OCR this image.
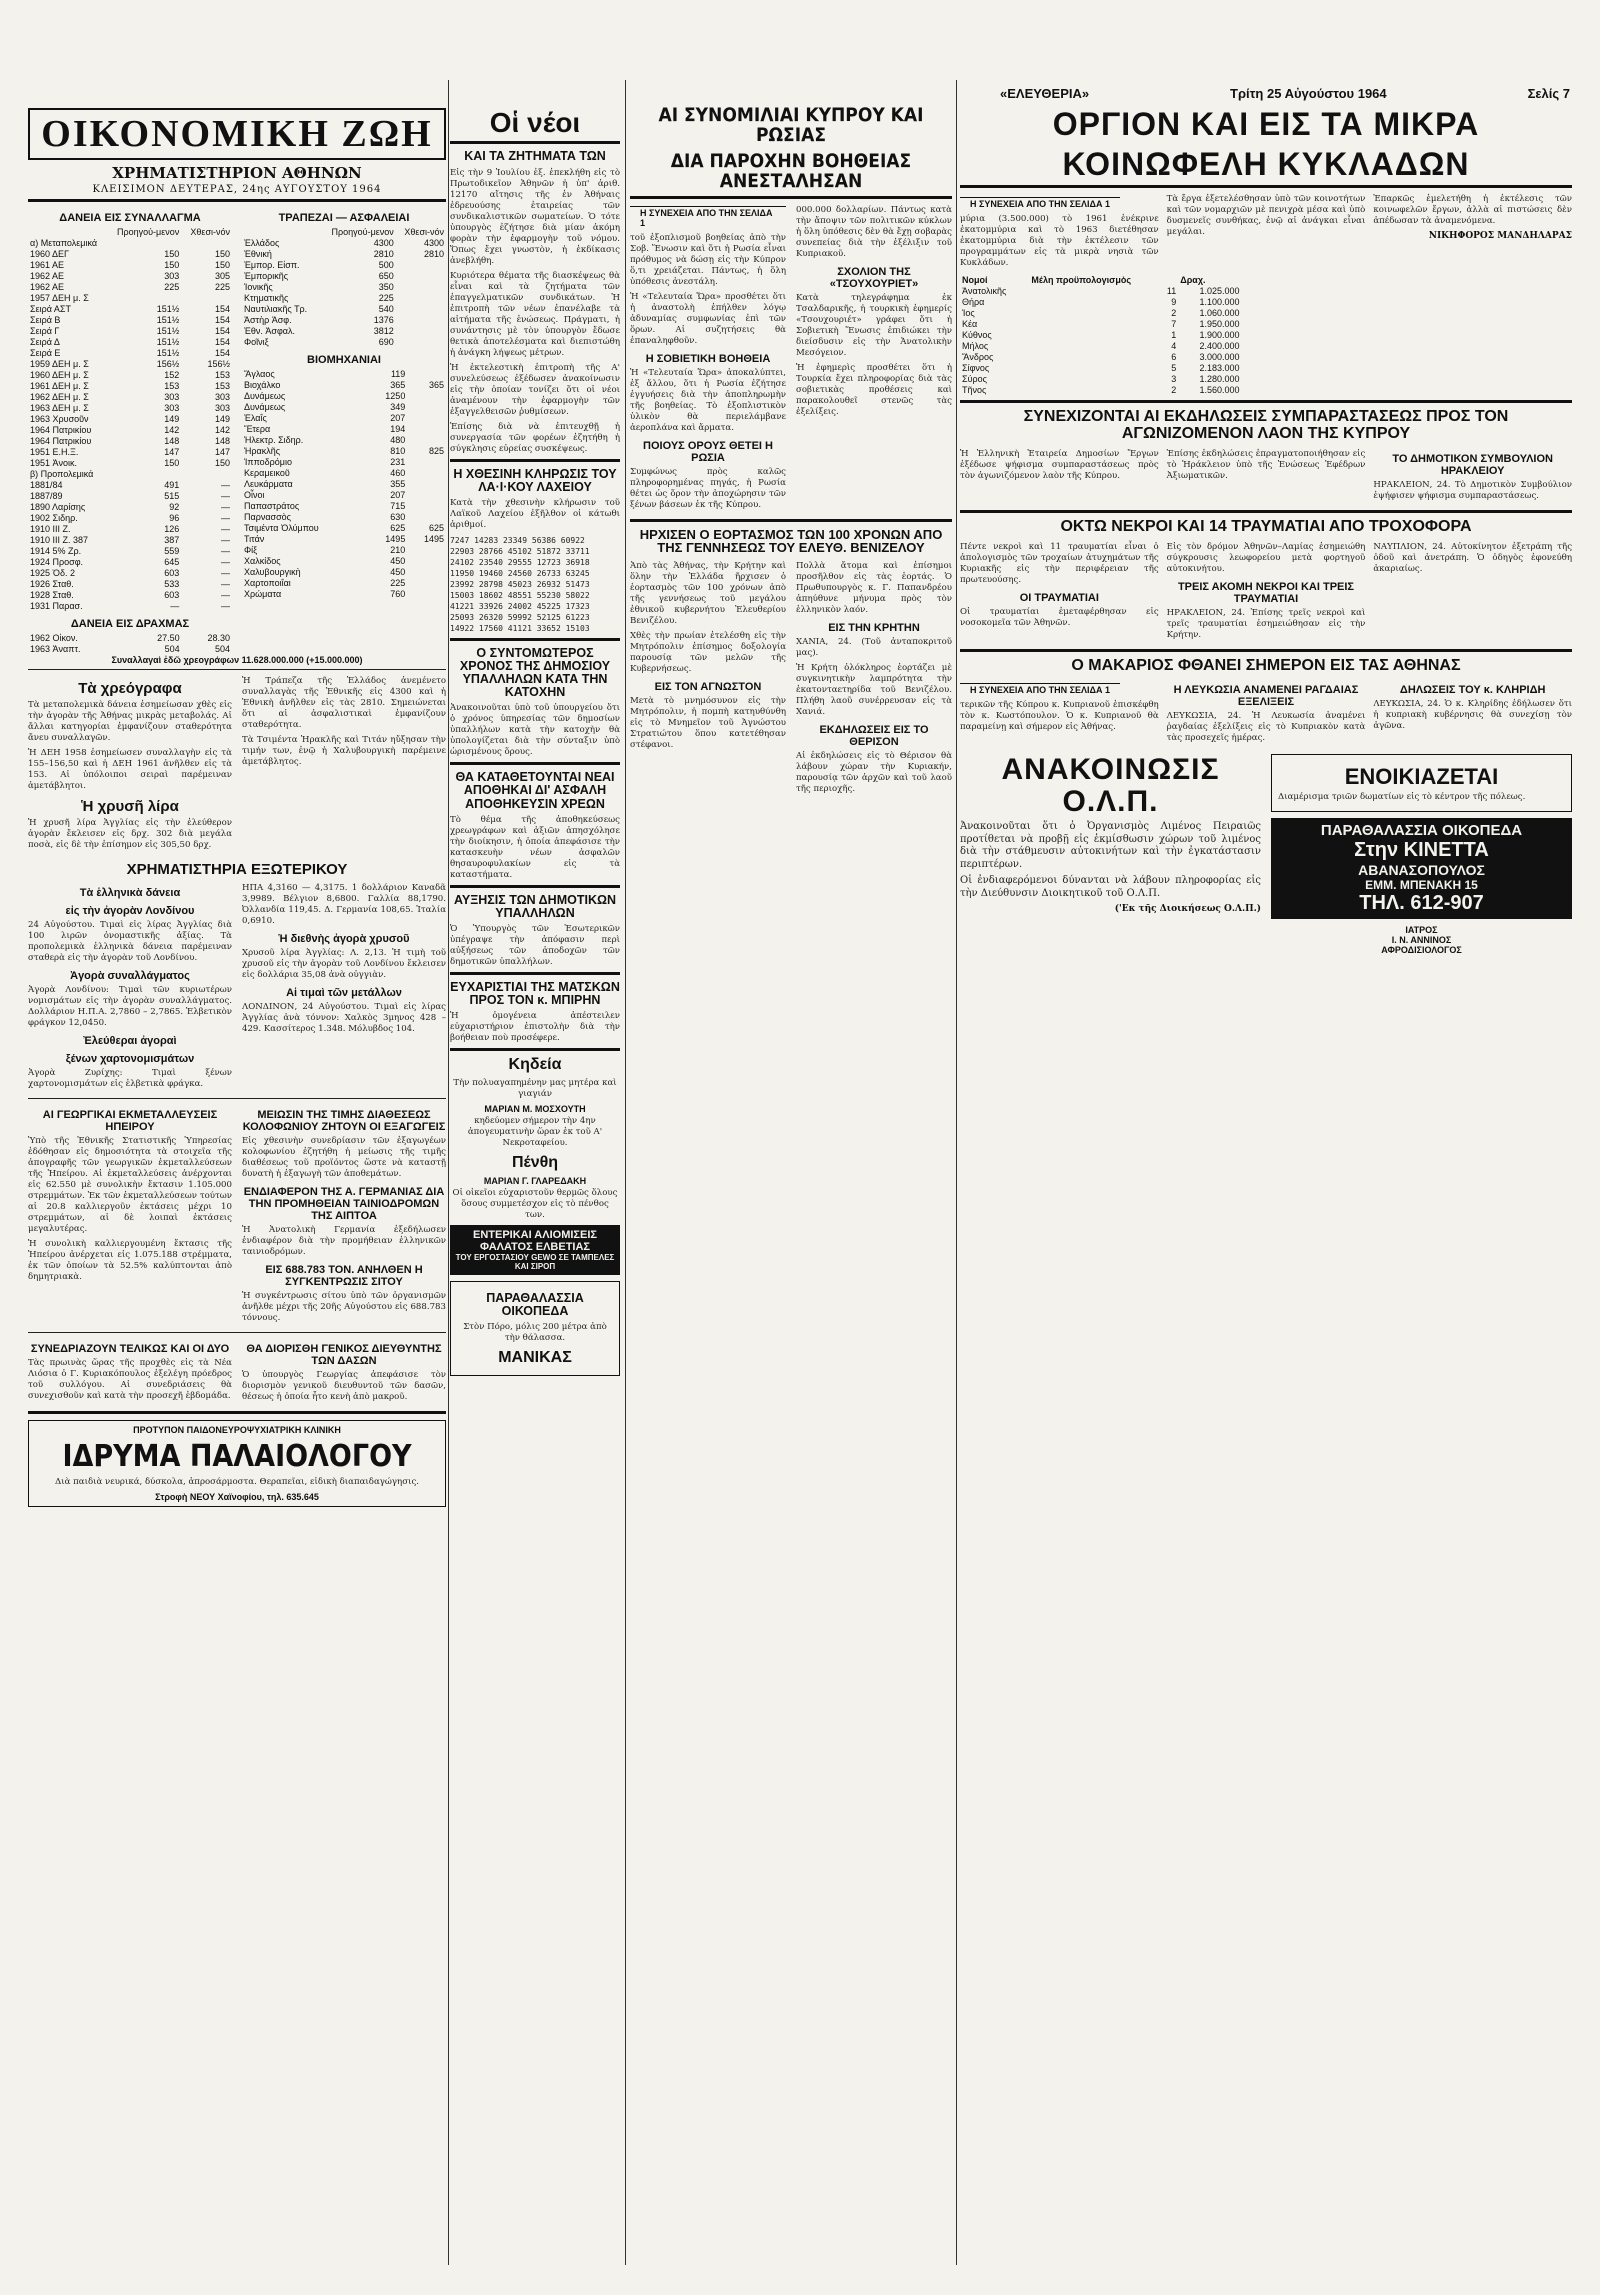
«ΕΛΕΥΘΕΡΙΑ»	Τρίτη 25 Αὐγούστου 1964	Σελίς 7
ΟΙΚΟΝΟΜΙΚΗ ΖΩΗ
ΧΡΗΜΑΤΙΣΤΗΡΙΟΝ ΑΘΗΝΩΝ
ΚΛΕΙΣΙΜΟΝ ΔΕΥΤΕΡΑΣ, 24ης ΑΥΓΟΥΣΤΟΥ 1964
ΔΑΝΕΙΑ ΕΙΣ ΣΥΝΑΛΛΑΓΜΑ
	Προηγού-μενον	Χθεσι-νόν
α) Μεταπολεμικά		
1960 ΔΕΓ	150	150
1961 ΑΕ	150	150
1962 ΑΕ	303	305
1962 ΑΕ	225	225
1957 ΔΕΗ μ. Σ		
Σειρά ΑΣΤ	151½	154
Σειρά Β	151½	154
Σειρά Γ	151½	154
Σειρά Δ	151½	154
Σειρά Ε	151½	154
1959 ΔΕΗ μ. Σ	156½	156½
1960 ΔΕΗ μ. Σ	152	153
1961 ΔΕΗ μ. Σ	153	153
1962 ΔΕΗ μ. Σ	303	303
1963 ΔΕΗ μ. Σ	303	303
1963 Χρυσοῦν	149	149
1964 Πατρικίου	142	142
1964 Πατρικίου	148	148
1951 Ε.Η.Ξ.	147	147
1951 Ἀνοικ.	150	150
β) Προπολεμικά		
1881/84	491	—
1887/89	515	—
1890 Λαρίσης	92	—
1902 Σιδηρ.	96	—
1910 ΙΙΙ Ζ.	126	—
1910 ΙΙΙ Ζ. 387	387	—
1914 5% Ζρ.	559	—
1924 Προσφ.	645	—
1925 Ὁδ. 2	603	—
1926 Σταθ.	533	—
1928 Σταθ.	603	—
1931 Παρασ.	—	—
ΔΑΝΕΙΑ ΕΙΣ ΔΡΑΧΜΑΣ
1962 Οἰκον.	27.50	28.30
1963 Ἀναπτ.	504	504
ΤΡΑΠΕΖΑΙ — ΑΣΦΑΛΕΙΑΙ
	Προηγού-μενον	Χθεσι-νόν
Ἑλλάδος	4300	4300
Ἐθνική	2810	2810
Ἐμπορ. Εἰσπ.	500	
Ἐμπορικῆς	650	
Ἰονικῆς	350	
Κτηματικῆς	225	
Ναυτιλιακῆς Τρ.	540	
Ἀστὴρ Ἀσφ.	1376	
Ἐθν. Ἀσφαλ.	3812	
Φοῖνιξ	690	
ΒΙΟΜΗΧΑΝΙΑΙ
Ἄγλαος	119	
Βιοχάλκο	365	365
Δυνάμεως	1250	
Δυνάμεως	349	
Ἐλαΐς	207	
Ἔτερα	194	
Ἠλεκτρ. Σιδηρ.	480	
Ἠρακλῆς	810	825
Ἰπποδρόμιο	231	
Κεραμεικοῦ	460	
Λευκάρματα	355	
Οἶνοι	207	
Παπαστράτος	715	
Παρνασσὸς	630	
Τσιμέντα Ὀλύμπου	625	625
Τιτάν	1495	1495
Φίξ	210	
Χαλκίδος	450	
Χαλυβουργικὴ	450	
Χαρτοποιΐαι	225	
Χρώματα	760	
Συναλλαγαὶ ἐδῶ χρεογράφων 11.628.000.000 (+15.000.000)
Τὰ χρεόγραφα

Τὰ μεταπολεμικὰ δάνεια ἐσημείωσαν χθὲς εἰς τὴν ἀγορὰν τῆς Ἀθήνας μικρὰς μεταβολάς. Αἱ ἄλλαι κατηγορίαι ἐμφανίζουν σταθερότητα ἄνευ συναλλαγῶν.

Ἡ ΔΕΗ 1958 ἐσημείωσεν συναλλαγὴν εἰς τὰ 155–156,50 καὶ ἡ ΔΕΗ 1961 ἀνῆλθεν εἰς τὰ 153. Αἱ ὑπόλοιποι σειραὶ παρέμειναν ἀμετάβλητοι.

Ἡ χρυσῆ λίρα

Ἡ χρυσῆ λίρα Ἀγγλίας εἰς τὴν ἐλεύθερον ἀγορὰν ἔκλεισεν εἰς δρχ. 302 διὰ μεγάλα ποσὰ, εἰς δὲ τὴν ἐπίσημον εἰς 305,50 δρχ.

Ἡ Τράπεζα τῆς Ἑλλάδος ἀνεμένετο συναλλαγὰς τῆς Ἐθνικῆς εἰς 4300 καὶ ἡ Ἐθνικὴ ἀνῆλθεν εἰς τὰς 2810. Σημειώνεται ὅτι αἱ ἀσφαλιστικαὶ ἐμφανίζουν σταθερότητα.

Τὰ Τσιμέντα Ἠρακλῆς καὶ Τιτάν ηὔξησαν τὴν τιμήν των, ἐνῷ ἡ Χαλυβουργικὴ παρέμεινε ἀμετάβλητος.

ΧΡΗΜΑΤΙΣΤΗΡΙΑ ΕΞΩΤΕΡΙΚΟΥ
Τὰ ἑλληνικὰ δάνεια
εἰς τὴν ἀγορὰν Λονδίνου

24 Αὐγούστου. Τιμαὶ εἰς λίρας Ἀγγλίας διὰ 100 λιρῶν ὀνομαστικῆς ἀξίας. Τὰ προπολεμικὰ ἑλληνικὰ δάνεια παρέμειναν σταθερὰ εἰς τὴν ἀγορὰν τοῦ Λονδίνου.

Ἀγορὰ συναλλάγματος

Ἀγορὰ Λονδίνου: Τιμαὶ τῶν κυριωτέρων νομισμάτων εἰς τὴν ἀγορὰν συναλλάγματος. Δολλάριον Η.Π.Α. 2,7860 – 2,7865. Ἑλβετικὸν φράγκον 12,0450.

Ἐλεύθεραι ἀγοραὶ
ξένων χαρτονομισμάτων

Ἀγορὰ Ζυρίχης: Τιμαὶ ξένων χαρτονομισμάτων εἰς ἑλβετικὰ φράγκα.

ΗΠΑ 4,3160 — 4,3175. 1 δολλάριον Καναδᾶ 3,9989. Βέλγιον 8,6800. Γαλλία 88,1790. Ὀλλανδία 119,45. Δ. Γερμανία 108,65. Ἰταλία 0,6910.

Ἡ διεθνὴς ἀγορὰ χρυσοῦ

Χρυσοῦ λίρα Ἀγγλίας: Λ. 2,13. Ἡ τιμὴ τοῦ χρυσοῦ εἰς τὴν ἀγορὰν τοῦ Λονδίνου ἔκλεισεν εἰς δολλάρια 35,08 ἀνὰ οὐγγιὰν.

Αἱ τιμαὶ τῶν μετάλλων

ΛΟΝΔΙΝΟΝ, 24 Αὐγούστου. Τιμαὶ εἰς λίρας Ἀγγλίας ἀνὰ τόννον: Χαλκὸς 3μηνος 428 – 429. Κασσίτερος 1.348. Μόλυβδος 104.

ΑΙ ΓΕΩΡΓΙΚΑΙ ΕΚΜΕΤΑΛΛΕΥΣΕΙΣ ΗΠΕΙΡΟΥ

Ὑπὸ τῆς Ἐθνικῆς Στατιστικῆς Ὑπηρεσίας ἐδόθησαν εἰς δημοσιότητα τὰ στοιχεῖα τῆς ἀπογραφῆς τῶν γεωργικῶν ἐκμεταλλεύσεων τῆς Ἠπείρου. Αἱ ἐκμεταλλεύσεις ἀνέρχονται εἰς 62.550 μὲ συνολικὴν ἔκτασιν 1.105.000 στρεμμάτων. Ἐκ τῶν ἐκμεταλλεύσεων τούτων αἱ 20.8 καλλιεργοῦν ἐκτάσεις μέχρι 10 στρεμμάτων, αἱ δὲ λοιπαὶ ἐκτάσεις μεγαλυτέρας.

Ἡ συνολικὴ καλλιεργουμένη ἔκτασις τῆς Ἠπείρου ἀνέρχεται εἰς 1.075.188 στρέμματα, ἐκ τῶν ὁποίων τὰ 52.5% καλύπτονται ἀπὸ δημητριακὰ.

ΜΕΙΩΣΙΝ ΤΗΣ ΤΙΜΗΣ ΔΙΑΘΕΣΕΩΣ ΚΟΛΟΦΩΝΙΟΥ ΖΗΤΟΥΝ ΟΙ ΕΞΑΓΩΓΕΙΣ

Εἰς χθεσινὴν συνεδρίασιν τῶν ἐξαγωγέων κολοφωνίου ἐζητήθη ἡ μείωσις τῆς τιμῆς διαθέσεως τοῦ προϊόντος ὥστε νὰ καταστῇ δυνατὴ ἡ ἐξαγωγὴ τῶν ἀποθεμάτων.

ΕΝΔΙΑΦΕΡΟΝ ΤΗΣ Α. ΓΕΡΜΑΝΙΑΣ ΔΙΑ ΤΗΝ ΠΡΟΜΗΘΕΙΑΝ ΤΑΙΝΙΟΔΡΟΜΩΝ ΤΗΣ ΑΙΠΤΟΑ

Ἡ Ἀνατολικὴ Γερμανία ἐξεδήλωσεν ἐνδιαφέρον διὰ τὴν προμήθειαν ἑλληνικῶν ταινιοδρόμων.

ΕΙΣ 688.783 ΤΟΝ. ΑΝΗΛΘΕΝ Η ΣΥΓΚΕΝΤΡΩΣΙΣ ΣΙΤΟΥ

Ἡ συγκέντρωσις σίτου ὑπὸ τῶν ὀργανισμῶν ἀνῆλθε μέχρι τῆς 20ῆς Αὐγούστου εἰς 688.783 τόννους.

ΣΥΝΕΔΡΙΑΖΟΥΝ ΤΕΛΙΚΩΣ ΚΑΙ ΟΙ ΔΥΟ

Τὰς πρωινὰς ὥρας τῆς προχθὲς εἰς τὰ Νέα Λιόσια ὁ Γ. Κυριακόπουλος ἐξελέγη πρόεδρος τοῦ συλλόγου. Αἱ συνεδριάσεις θὰ συνεχισθοῦν καὶ κατὰ τὴν προσεχῆ ἑβδομάδα.

ΘΑ ΔΙΟΡΙΣΘΗ ΓΕΝΙΚΟΣ ΔΙΕΥΘΥΝΤΗΣ ΤΩΝ ΔΑΣΩΝ

Ὁ ὑπουργὸς Γεωργίας ἀπεφάσισε τὸν διορισμὸν γενικοῦ διευθυντοῦ τῶν δασῶν, θέσεως ἡ ὁποία ἦτο κενὴ ἀπὸ μακροῦ.

ΠΡΟΤΥΠΟΝ ΠΑΙΔΟΝΕΥΡΟΨΥΧΙΑΤΡΙΚΗ ΚΛΙΝΙΚΗ
ΙΔΡΥΜΑ ΠΑΛΑΙΟΛΟΓΟΥ

Διὰ παιδιὰ νευρικά, δύσκολα, ἀπροσάρμοστα. Θεραπεῖαι, εἰδικὴ διαπαιδαγώγησις.

Στροφὴ ΝΕΟΥ Χαϊνοφίου, τηλ. 635.645
Οἱ νέοι
ΚΑΙ ΤΑ ΖΗΤΗΜΑΤΑ ΤΩΝ

Εἰς τὴν 9 Ἰουλίου ἐξ. ἐπεκλήθη εἰς τὸ Πρωτοδικεῖον Ἀθηνῶν ἡ ὑπ' ἀριθ. 12170 αἴτησις τῆς ἐν Ἀθήναις ἑδρευούσης ἑταιρείας τῶν συνδικαλιστικῶν σωματείων. Ὁ τότε ὑπουργὸς ἐζήτησε διὰ μίαν ἀκόμη φορὰν τὴν ἐφαρμογὴν τοῦ νόμου. Ὅπως ἔχει γνωστὸν, ἡ ἐκδίκασις ἀνεβλήθη.

Κυριότερα θέματα τῆς διασκέψεως θὰ εἶναι καὶ τὰ ζητήματα τῶν ἐπαγγελματικῶν συνδικάτων. Ἡ ἐπιτροπὴ τῶν νέων ἐπανέλαβε τὰ αἰτήματα τῆς ἑνώσεως. Πράγματι, ἡ συνάντησις μὲ τὸν ὑπουργὸν ἔδωσε θετικὰ ἀποτελέσματα καὶ διεπιστώθη ἡ ἀνάγκη λήψεως μέτρων.

Ἡ ἐκτελεστικὴ ἐπιτροπὴ τῆς Α' συνελεύσεως ἐξέδωσεν ἀνακοίνωσιν εἰς τὴν ὁποίαν τονίζει ὅτι οἱ νέοι ἀναμένουν τὴν ἐφαρμογὴν τῶν ἐξαγγελθεισῶν ῥυθμίσεων.

Ἐπίσης διὰ νὰ ἐπιτευχθῇ ἡ συνεργασία τῶν φορέων ἐζητήθη ἡ σύγκλησις εὐρείας συσκέψεως.

Η ΧΘΕΣΙΝΗ ΚΛΗΡΩΣΙΣ ΤΟΥ ΛΑ·Ι·ΚΟΥ ΛΑΧΕΙΟΥ

Κατὰ τὴν χθεσινὴν κλήρωσιν τοῦ Λαϊκοῦ Λαχείου ἐξῆλθον οἱ κάτωθι ἀριθμοί.

7247 14283 23349 56386 60922
22903 28766 45102 51872 33711
24102 23540 29555 12723 36918
11950 19460 24560 26733 63245
23992 28798 45023 26932 51473
15003 18602 48551 55230 58022
41221 33926 24002 45225 17323
25093 26320 59992 52125 61223
14922 17560 41121 33652 15103

Ο ΣΥΝΤΟΜΩΤΕΡΟΣ ΧΡΟΝΟΣ ΤΗΣ ΔΗΜΟΣΙΟΥ ΥΠΑΛΛΗΛΩΝ ΚΑΤΑ ΤΗΝ ΚΑΤΟΧΗΝ

Ἀνακοινοῦται ὑπὸ τοῦ ὑπουργείου ὅτι ὁ χρόνος ὑπηρεσίας τῶν δημοσίων ὑπαλλήλων κατὰ τὴν κατοχὴν θὰ ὑπολογίζεται διὰ τὴν σύνταξιν ὑπὸ ὡρισμένους ὅρους.

ΘΑ ΚΑΤΑΘΕΤΟΥΝΤΑΙ ΝΕΑΙ ΑΠΟΘΗΚΑΙ ΔΙ' ΑΣΦΑΛΗ ΑΠΟΘΗΚΕΥΣΙΝ ΧΡΕΩΝ

Τὸ θέμα τῆς ἀποθηκεύσεως χρεωγράφων καὶ ἀξιῶν ἀπησχόλησε τὴν διοίκησιν, ἡ ὁποία ἀπεφάσισε τὴν κατασκευὴν νέων ἀσφαλῶν θησαυροφυλακίων εἰς τὰ καταστήματα.

ΑΥΞΗΣΙΣ ΤΩΝ ΔΗΜΟΤΙΚΩΝ ΥΠΑΛΛΗΛΩΝ

Ὁ Ὑπουργὸς τῶν Ἐσωτερικῶν ὑπέγραψε τὴν ἀπόφασιν περὶ αὐξήσεως τῶν ἀποδοχῶν τῶν δημοτικῶν ὑπαλλήλων.

ΕΥΧΑΡΙΣΤΙΑΙ ΤΗΣ ΜΑΤΣΚΩΝ ΠΡΟΣ ΤΟΝ κ. ΜΠΙΡΗΝ

Ἡ ὁμογένεια ἀπέστειλεν εὐχαριστήριον ἐπιστολὴν διὰ τὴν βοήθειαν ποὺ προσέφερε.

Κηδεία

Τὴν πολυαγαπημένην μας μητέρα καὶ γιαγιάν

ΜΑΡΙΑΝ Μ. ΜΟΣΧΟΥΤΗ

κηδεύομεν σήμερον τὴν 4ην ἀπογευματινὴν ὥραν ἐκ τοῦ Α' Νεκροταφείου.

Πένθη
ΜΑΡΙΑΝ Γ. ΓΛΑΡΕΔΑΚΗ

Οἱ οἰκεῖοι εὐχαριστοῦν θερμῶς ὅλους ὅσους συμμετέσχον εἰς τὸ πένθος των.

ΕΝΤΕΡΙΚΑΙ ΑΛΙΟΜΙΣΕΙΣ ΦΑΛΑΤΟΣ ΕΛΒΕΤΙΑΣ
ΤΟΥ ΕΡΓΟΣΤΑΣΙΟΥ GEWO ΣΕ ΤΑΜΠΕΛΕΣ ΚΑΙ ΣΙΡΟΠ
ΠΑΡΑΘΑΛΑΣΣΙΑ ΟΙΚΟΠΕΔΑ

Στὸν Πόρο, μόλις 200 μέτρα ἀπὸ τὴν θάλασσα.

ΜΑΝΙΚΑΣ
ΑΙ ΣΥΝΟΜΙΛΙΑΙ ΚΥΠΡΟΥ ΚΑΙ ΡΩΣΙΑΣ
ΔΙΑ ΠΑΡΟΧΗΝ ΒΟΗΘΕΙΑΣ ΑΝΕΣΤΑΛΗΣΑΝ
Η ΣΥΝΕΧΕΙΑ ΑΠΟ ΤΗΝ ΣΕΛΙΔΑ 1

τοῦ ἐξοπλισμοῦ βοηθείας ἀπὸ τὴν Σοβ. Ἕνωσιν καὶ ὅτι ἡ Ρωσία εἶναι πρόθυμος νὰ δώσῃ εἰς τὴν Κύπρον ὅ,τι χρειάζεται. Πάντως, ἡ ὅλη ὑπόθεσις ἀνεστάλη.

Ἡ «Τελευταία Ὥρα» προσθέτει ὅτι ἡ ἀναστολὴ ἐπήλθεν λόγῳ ἀδυναμίας συμφωνίας ἐπὶ τῶν ὅρων. Αἱ συζητήσεις θὰ ἐπαναληφθοῦν.

Η ΣΟΒΙΕΤΙΚΗ ΒΟΗΘΕΙΑ

Ἡ «Τελευταία Ὥρα» ἀποκαλύπτει, ἐξ ἄλλου, ὅτι ἡ Ρωσία ἐζήτησε ἐγγυήσεις διὰ τὴν ἀποπληρωμὴν τῆς βοηθείας. Τὸ ἐξοπλιστικὸν ὑλικὸν θὰ περιελάμβανε ἀεροπλάνα καὶ ἄρματα.

ΠΟΙΟΥΣ ΟΡΟΥΣ ΘΕΤΕΙ Η ΡΩΣΙΑ

Συμφώνως πρὸς καλῶς πληροφορημένας πηγάς, ἡ Ρωσία θέτει ὡς ὅρον τὴν ἀποχώρησιν τῶν ξένων βάσεων ἐκ τῆς Κύπρου.

000.000 δολλαρίων. Πάντως κατὰ τὴν ἄποψιν τῶν πολιτικῶν κύκλων ἡ ὅλη ὑπόθεσις δὲν θὰ ἔχῃ σοβαρὰς συνεπείας διὰ τὴν ἐξέλιξιν τοῦ Κυπριακοῦ.

ΣΧΟΛΙΟΝ ΤΗΣ «ΤΣΟΥΧΟΥΡΙΕΤ»

Κατὰ τηλεγράφημα ἐκ Τσαλδαρικῆς, ἡ τουρκικὴ ἐφημερίς «Τσουχουριέτ» γράφει ὅτι ἡ Σοβιετικὴ Ἕνωσις ἐπιδιώκει τὴν διείσδυσιν εἰς τὴν Ἀνατολικὴν Μεσόγειον.

Ἡ ἐφημερὶς προσθέτει ὅτι ἡ Τουρκία ἔχει πληροφορίας διὰ τὰς σοβιετικὰς προθέσεις καὶ παρακολουθεῖ στενῶς τὰς ἐξελίξεις.

ΗΡΧΙΣΕΝ Ο ΕΟΡΤΑΣΜΟΣ ΤΩΝ 100 ΧΡΟΝΩΝ ΑΠΟ ΤΗΣ ΓΕΝΝΗΣΕΩΣ ΤΟΥ ΕΛΕΥΘ. ΒΕΝΙΖΕΛΟΥ

Ἀπὸ τὰς Ἀθήνας, τὴν Κρήτην καὶ ὅλην τὴν Ἑλλάδα ἤρχισεν ὁ ἑορτασμὸς τῶν 100 χρόνων ἀπὸ τῆς γεννήσεως τοῦ μεγάλου ἐθνικοῦ κυβερνήτου Ἐλευθερίου Βενιζέλου.

Χθὲς τὴν πρωίαν ἐτελέσθη εἰς τὴν Μητρόπολιν ἐπίσημος δοξολογία παρουσίᾳ τῶν μελῶν τῆς Κυβερνήσεως.

ΕΙΣ ΤΟΝ ΑΓΝΩΣΤΟΝ

Μετὰ τὸ μνημόσυνον εἰς τὴν Μητρόπολιν, ἡ πομπὴ κατηυθύνθη εἰς τὸ Μνημεῖον τοῦ Ἀγνώστου Στρατιώτου ὅπου κατετέθησαν στέφανοι.

Πολλὰ ἄτομα καὶ ἐπίσημοι προσῆλθον εἰς τὰς ἑορτάς. Ὁ Πρωθυπουργὸς κ. Γ. Παπανδρέου ἀπηύθυνε μήνυμα πρὸς τὸν ἑλληνικὸν λαόν.

ΕΙΣ ΤΗΝ ΚΡΗΤΗΝ

ΧΑΝΙΑ, 24. (Τοῦ ἀνταποκριτοῦ μας).

Ἡ Κρήτη ὁλόκληρος ἑορτάζει μὲ συγκινητικὴν λαμπρότητα τὴν ἐκατονταετηρίδα τοῦ Βενιζέλου. Πλήθη λαοῦ συνέρρευσαν εἰς τὰ Χανιά.

ΕΚΔΗΛΩΣΕΙΣ ΕΙΣ ΤΟ ΘΕΡΙΣΟΝ

Αἱ ἐκδηλώσεις εἰς τὸ Θέρισον θὰ λάβουν χώραν τὴν Κυριακήν, παρουσίᾳ τῶν ἀρχῶν καὶ τοῦ λαοῦ τῆς περιοχῆς.

ΟΡΓΙΟΝ ΚΑΙ ΕΙΣ ΤΑ ΜΙΚΡΑ
ΚΟΙΝΩΦΕΛΗ ΚΥΚΛΑΔΩΝ
Η ΣΥΝΕΧΕΙΑ ΑΠΟ ΤΗΝ ΣΕΛΙΔΑ 1

μύρια (3.500.000) τὸ 1961 ἐνέκρινε ἐκατομμύρια καὶ τὸ 1963 διετέθησαν ἐκατομμύρια διὰ τὴν ἐκτέλεσιν τῶν προγραμμάτων εἰς τὰ μικρὰ νησιὰ τῶν Κυκλάδων.

Τὰ ἔργα ἐξετελέσθησαν ὑπὸ τῶν κοινοτήτων καὶ τῶν νομαρχιῶν μὲ πενιχρὰ μέσα καὶ ὑπὸ δυσμενεῖς συνθήκας, ἐνῷ αἱ ἀνάγκαι εἶναι μεγάλαι.

Ἐπαρκῶς ἐμελετήθη ἡ ἐκτέλεσις τῶν κοινωφελῶν ἔργων, ἀλλὰ αἱ πιστώσεις δὲν ἀπέδωσαν τὰ ἀναμενόμενα.

ΝΙΚΗΦΟΡΟΣ ΜΑΝΔΗΛΑΡΑΣ
Νομοί	Μέλη προϋπολογισμὸς	Δραχ.
Ἀνατολικῆς	11	1.025.000
Θήρα	9	1.100.000
Ἰος	2	1.060.000
Κέα	7	1.950.000
Κύθνος	1	1.900.000
Μήλος	4	2.400.000
Ἄνδρος	6	3.000.000
Σίφνος	5	2.183.000
Σύρος	3	1.280.000
Τῆνος	2	1.560.000
ΣΥΝΕΧΙΖΟΝΤΑΙ ΑΙ ΕΚΔΗΛΩΣΕΙΣ ΣΥΜΠΑΡΑΣΤΑΣΕΩΣ ΠΡΟΣ ΤΟΝ ΑΓΩΝΙΖΟΜΕΝΟΝ ΛΑΟΝ ΤΗΣ ΚΥΠΡΟΥ

Ἡ Ἑλληνικὴ Ἑταιρεία Δημοσίων Ἔργων ἐξέδωσε ψήφισμα συμπαραστάσεως πρὸς τὸν ἀγωνιζόμενον λαὸν τῆς Κύπρου.

Ἐπίσης ἐκδηλώσεις ἐπραγματοποιήθησαν εἰς τὸ Ἡράκλειον ὑπὸ τῆς Ἑνώσεως Ἐφέδρων Ἀξιωματικῶν.

ΤΟ ΔΗΜΟΤΙΚΟΝ ΣΥΜΒΟΥΛΙΟΝ ΗΡΑΚΛΕΙΟΥ

ΗΡΑΚΛΕΙΟΝ, 24. Τὸ Δημοτικὸν Συμβούλιον ἐψήφισεν ψήφισμα συμπαραστάσεως.

ΟΚΤΩ ΝΕΚΡΟΙ ΚΑΙ 14 ΤΡΑΥΜΑΤΙΑΙ ΑΠΟ ΤΡΟΧΟΦΟΡΑ

Πέντε νεκροὶ καὶ 11 τραυματίαι εἶναι ὁ ἀπολογισμὸς τῶν τροχαίων ἀτυχημάτων τῆς Κυριακῆς εἰς τὴν περιφέρειαν τῆς πρωτευούσης.

ΟΙ ΤΡΑΥΜΑΤΙΑΙ

Οἱ τραυματίαι ἐμεταφέρθησαν εἰς νοσοκομεῖα τῶν Ἀθηνῶν.

Εἰς τὸν δρόμον Ἀθηνῶν–Λαμίας ἐσημειώθη σύγκρουσις λεωφορείου μετὰ φορτηγοῦ αὐτοκινήτου.

ΤΡΕΙΣ ΑΚΟΜΗ ΝΕΚΡΟΙ ΚΑΙ ΤΡΕΙΣ ΤΡΑΥΜΑΤΙΑΙ

ΗΡΑΚΛΕΙΟΝ, 24. Ἐπίσης τρεῖς νεκροὶ καὶ τρεῖς τραυματίαι ἐσημειώθησαν εἰς τὴν Κρήτην.

ΝΑΥΠΛΙΟΝ, 24. Αὐτοκίνητον ἐξετράπη τῆς ὁδοῦ καὶ ἀνετράπη. Ὁ ὁδηγὸς ἐφονεύθη ἀκαριαίως.

Ο ΜΑΚΑΡΙΟΣ ΦΘΑΝΕΙ ΣΗΜΕΡΟΝ ΕΙΣ ΤΑΣ ΑΘΗΝΑΣ
Η ΣΥΝΕΧΕΙΑ ΑΠΟ ΤΗΝ ΣΕΛΙΔΑ 1

τερικῶν τῆς Κύπρου κ. Κυπριανοῦ ἐπισκέφθη τὸν κ. Κωστόπουλον. Ὁ κ. Κυπριανοῦ θὰ παραμείνῃ καὶ σήμερον εἰς Ἀθήνας.

Η ΛΕΥΚΩΣΙΑ ΑΝΑΜΕΝΕΙ ΡΑΓΔΑΙΑΣ ΕΞΕΛΙΞΕΙΣ

ΛΕΥΚΩΣΙΑ, 24. Ἡ Λευκωσία ἀναμένει ῥαγδαίας ἐξελίξεις εἰς τὸ Κυπριακὸν κατὰ τὰς προσεχεῖς ἡμέρας.

ΔΗΛΩΣΕΙΣ ΤΟΥ κ. ΚΛΗΡΙΔΗ

ΛΕΥΚΩΣΙΑ, 24. Ὁ κ. Κληρίδης ἐδήλωσεν ὅτι ἡ κυπριακὴ κυβέρνησις θὰ συνεχίσῃ τὸν ἀγῶνα.

ΑΝΑΚΟΙΝΩΣΙΣ Ο.Λ.Π.

Ἀνακοινοῦται ὅτι ὁ Ὀργανισμὸς Λιμένος Πειραιῶς προτίθεται νὰ προβῇ εἰς ἐκμίσθωσιν χώρων τοῦ λιμένος διὰ τὴν στάθμευσιν αὐτοκινήτων καὶ τὴν ἐγκατάστασιν περιπτέρων.

Οἱ ἐνδιαφερόμενοι δύνανται νὰ λάβουν πληροφορίας εἰς τὴν Διεύθυνσιν Διοικητικοῦ τοῦ Ο.Λ.Π.

('Εκ τῆς Διοικήσεως Ο.Λ.Π.)
ΕΝΟΙΚΙΑΖΕΤΑΙ

Διαμέρισμα τριῶν δωματίων εἰς τὸ κέντρον τῆς πόλεως.

ΠΑΡΑΘΑΛΑΣΣΙΑ ΟΙΚΟΠΕΔΑ
Στην ΚΙΝΕΤΤΑ
ΑΒΑΝΑΣΟΠΟΥΛΟΣ
ΕΜΜ. ΜΠΕΝΑΚΗ 15
ΤΗΛ. 612-907
ΙΑΤΡΟΣ
Ι. Ν. ΑΝΝΙΝΟΣ
ΑΦΡΟΔΙΣΙΟΛΟΓΟΣ
